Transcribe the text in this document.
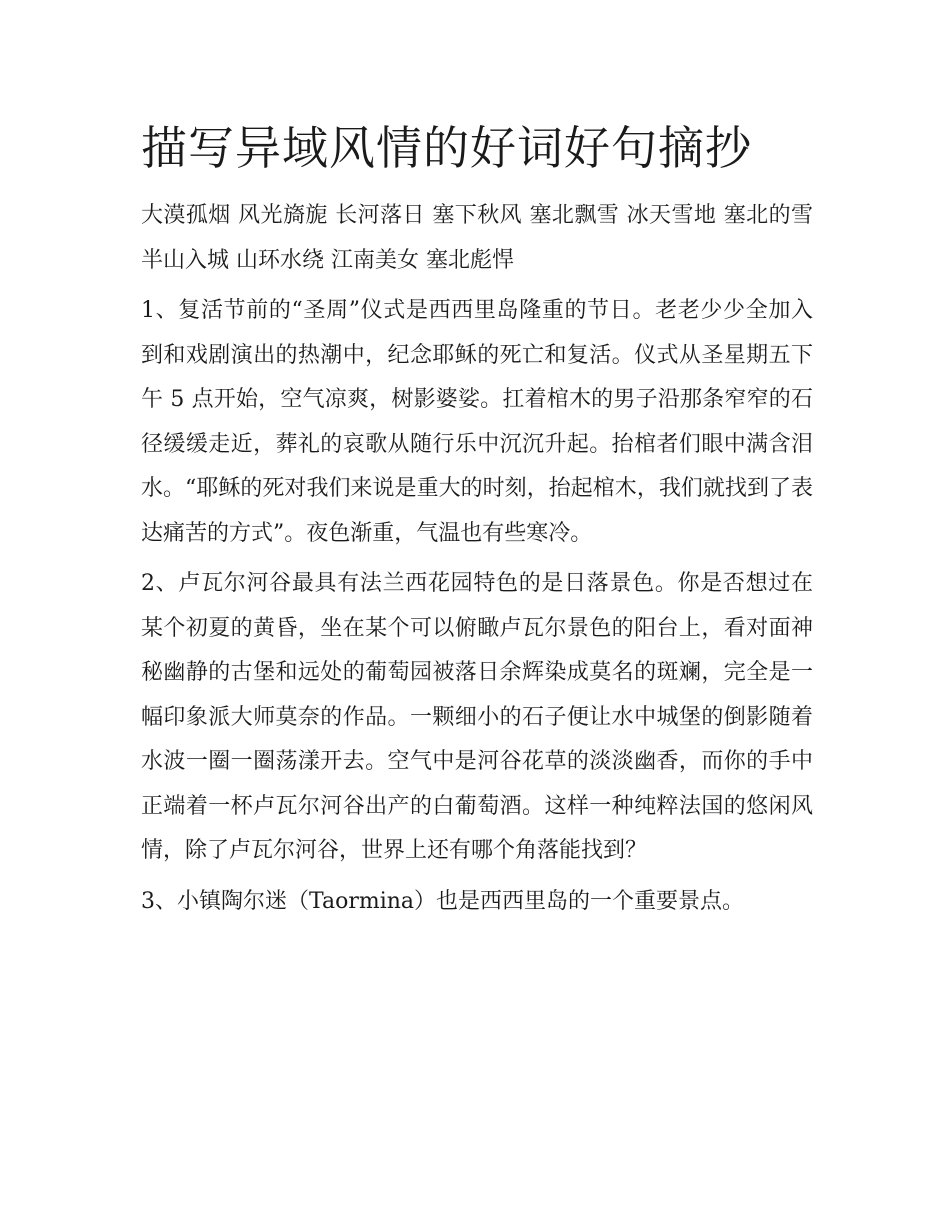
描写异域风情的好词好句摘抄

大漠孤烟 风光旖旎 长河落日 塞下秋风 塞北飘雪 冰天雪地 塞北的雪 半山入城 山环水绕 江南美女 塞北彪悍

1、复活节前的“圣周”仪式是西西里岛隆重的节日。老老少少全加入到和戏剧演出的热潮中，纪念耶稣的死亡和复活。仪式从圣星期五下午 5 点开始，空气凉爽，树影婆娑。扛着棺木的男子沿那条窄窄的石径缓缓走近，葬礼的哀歌从随行乐中沉沉升起。抬棺者们眼中满含泪水。“耶稣的死对我们来说是重大的时刻，抬起棺木，我们就找到了表达痛苦的方式”。夜色渐重，气温也有些寒冷。

2、卢瓦尔河谷最具有法兰西花园特色的是日落景色。你是否想过在某个初夏的黄昏，坐在某个可以俯瞰卢瓦尔景色的阳台上，看对面神秘幽静的古堡和远处的葡萄园被落日余辉染成莫名的斑斓，完全是一幅印象派大师莫奈的作品。一颗细小的石子便让水中城堡的倒影随着水波一圈一圈荡漾开去。空气中是河谷花草的淡淡幽香，而你的手中正端着一杯卢瓦尔河谷出产的白葡萄酒。这样一种纯粹法国的悠闲风情，除了卢瓦尔河谷，世界上还有哪个角落能找到？

3、小镇陶尔迷（Taormina）也是西西里岛的一个重要景点。
